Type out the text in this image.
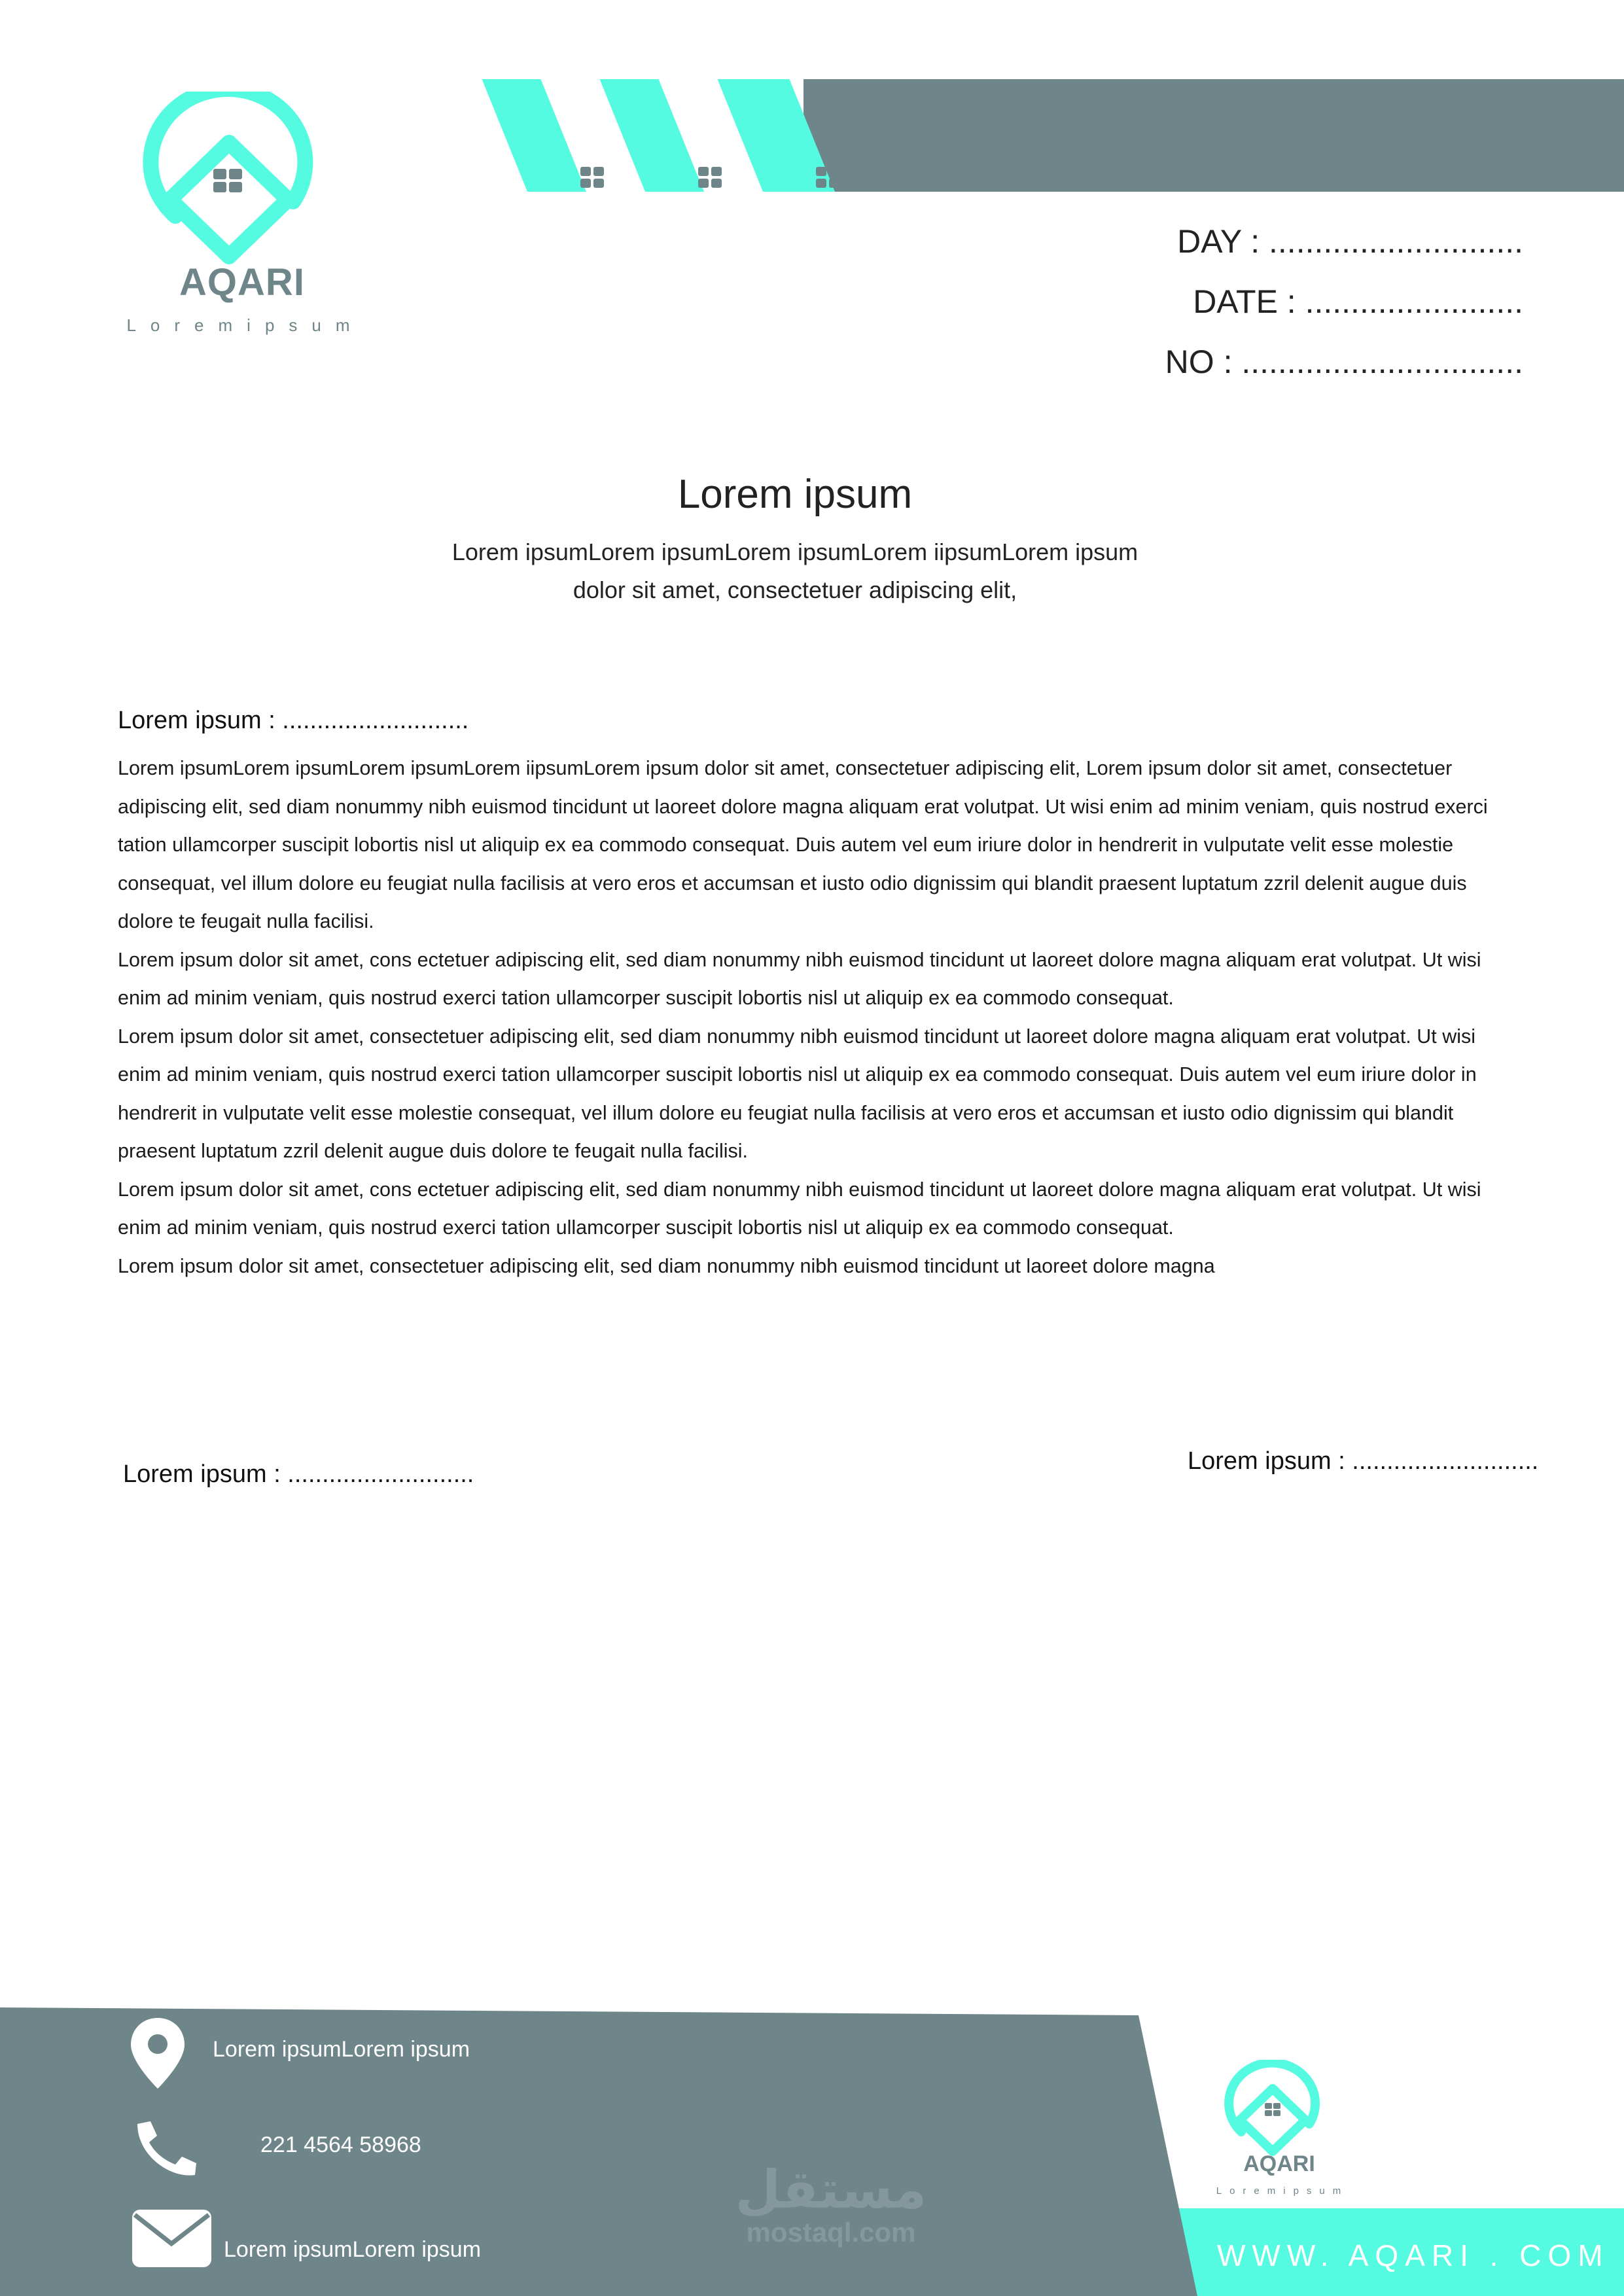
AQARI
Loremipsum
DAY : ............................
DATE : ........................
NO : ...............................
Lorem ipsum
Lorem ipsumLorem ipsumLorem ipsumLorem iipsumLorem ipsum
dolor sit amet, consectetuer adipiscing elit,
Lorem ipsum : ...........................

Lorem ipsumLorem ipsumLorem ipsumLorem iipsumLorem ipsum dolor sit amet, consectetuer adipiscing elit, Lorem ipsum dolor sit amet, consectetuer adipiscing elit, sed diam nonummy nibh euismod tincidunt ut laoreet dolore magna aliquam erat volutpat. Ut wisi enim ad minim veniam, quis nostrud exerci tation ullamcorper suscipit lobortis nisl ut aliquip ex ea commodo consequat. Duis autem vel eum iriure dolor in hendrerit in vulputate velit esse molestie consequat, vel illum dolore eu feugiat nulla facilisis at vero eros et accumsan et iusto odio dignissim qui blandit praesent luptatum zzril delenit augue duis dolore te feugait nulla facilisi.

Lorem ipsum dolor sit amet, cons ectetuer adipiscing elit, sed diam nonummy nibh euismod tincidunt ut laoreet dolore magna aliquam erat volutpat. Ut wisi enim ad minim veniam, quis nostrud exerci tation ullamcorper suscipit lobortis nisl ut aliquip ex ea commodo consequat.

Lorem ipsum dolor sit amet, consectetuer adipiscing elit, sed diam nonummy nibh euismod tincidunt ut laoreet dolore magna aliquam erat volutpat. Ut wisi enim ad minim veniam, quis nostrud exerci tation ullamcorper suscipit lobortis nisl ut aliquip ex ea commodo consequat. Duis autem vel eum iriure dolor in hendrerit in vulputate velit esse molestie consequat, vel illum dolore eu feugiat nulla facilisis at vero eros et accumsan et iusto odio dignissim qui blandit praesent luptatum zzril delenit augue duis dolore te feugait nulla facilisi.

Lorem ipsum dolor sit amet, cons ectetuer adipiscing elit, sed diam nonummy nibh euismod tincidunt ut laoreet dolore magna aliquam erat volutpat. Ut wisi enim ad minim veniam, quis nostrud exerci tation ullamcorper suscipit lobortis nisl ut aliquip ex ea commodo consequat.

Lorem ipsum dolor sit amet, consectetuer adipiscing elit, sed diam nonummy nibh euismod tincidunt ut laoreet dolore magna

Lorem ipsum : ...........................	Lorem ipsum : ...........................
Lorem ipsumLorem ipsum
221 4564 58968
Lorem ipsumLorem ipsum
مستقل
mostaql.com
AQARI
Loremipsum
WWW. AQARI . COM
